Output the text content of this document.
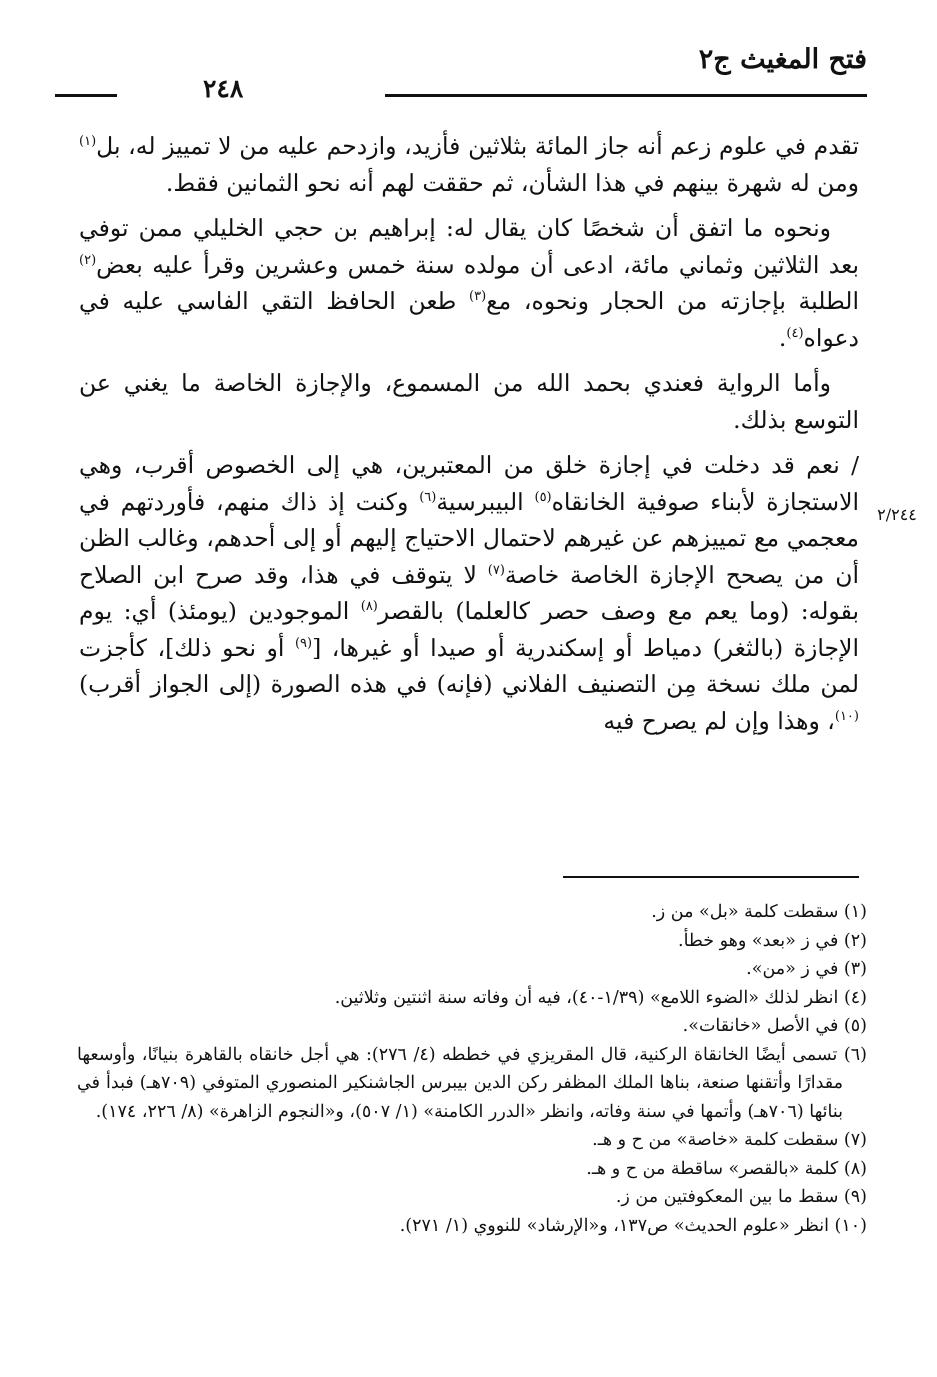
فتح المغيث ج٢
٢٤٨
٢/٢٤٤

تقدم في علوم زعم أنه جاز المائة بثلاثين فأزيد، وازدحم عليه من لا تمييز له، بل$^{(١)}$ ومن له شهرة بينهم في هذا الشأن، ثم حققت لهم أنه نحو الثمانين فقط.

ونحوه ما اتفق أن شخصًا كان يقال له: إبراهيم بن حجي الخليلي ممن توفي بعد الثلاثين وثماني مائة، ادعى أن مولده سنة خمس وعشرين وقرأ عليه بعض$^{(٢)}$ الطلبة بإجازته من الحجار ونحوه، مع$^{(٣)}$ طعن الحافظ التقي الفاسي عليه في دعواه$^{(٤)}$.

وأما الرواية فعندي بحمد الله من المسموع، والإجازة الخاصة ما يغني عن التوسع بذلك.

/ نعم قد دخلت في إجازة خلق من المعتبرين، هي إلى الخصوص أقرب، وهي الاستجازة لأبناء صوفية الخانقاه$^{(٥)}$ البيبرسية$^{(٦)}$ وكنت إذ ذاك منهم، فأوردتهم في معجمي مع تمييزهم عن غيرهم لاحتمال الاحتياج إليهم أو إلى أحدهم، وغالب الظن أن من يصحح الإجازة الخاصة خاصة$^{(٧)}$ لا يتوقف في هذا، وقد صرح ابن الصلاح بقوله: (وما يعم مع وصف حصر كالعلما) بالقصر$^{(٨)}$ الموجودين (يومئذ) أي: يوم الإجازة (بالثغر) دمياط أو إسكندرية أو صيدا أو غيرها، [$^{(٩)}$ أو نحو ذلك]، كأجزت لمن ملك نسخة مِن التصنيف الفلاني (فإنه) في هذه الصورة (إلى الجواز أقرب)$^{(١٠)}$، وهذا وإن لم يصرح فيه

(١) سقطت كلمة «بل» من ز.

(٢) في ز «بعد» وهو خطأ.

(٣) في ز «من».

(٤) انظر لذلك «الضوء اللامع» (١/٣٩-٤٠)، فيه أن وفاته سنة اثنتين وثلاثين.

(٥) في الأصل «خانقات».

(٦) تسمى أيضًا الخانقاة الركنية، قال المقريزي في خططه (٤/ ٢٧٦): هي أجل خانقاه بالقاهرة بنيانًا، وأوسعها مقدارًا وأتقنها صنعة، بناها الملك المظفر ركن الدين بيبرس الجاشنكير المنصوري المتوفي (٧٠٩هـ) فبدأ في بنائها (٧٠٦هـ) وأتمها في سنة وفاته، وانظر «الدرر الكامنة» (١/ ٥٠٧)، و«النجوم الزاهرة» (٨/ ٢٢٦، ١٧٤).

(٧) سقطت كلمة «خاصة» من ح و هـ.

(٨) كلمة «بالقصر» ساقطة من ح و هـ.

(٩) سقط ما بين المعكوفتين من ز.

(١٠) انظر «علوم الحديث» ص١٣٧، و«الإرشاد» للنووي (١/ ٢٧١).
